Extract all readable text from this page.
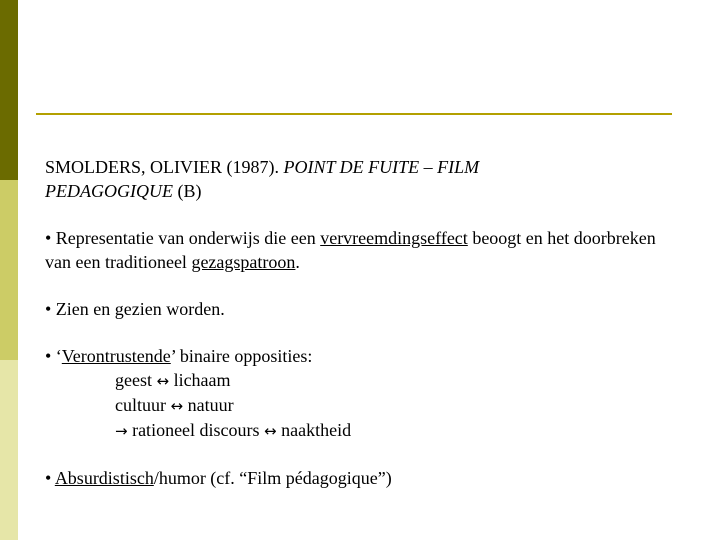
SMOLDERS, OLIVIER (1987). POINT DE FUITE – FILM
PEDAGOGIQUE (B)
• Representatie van onderwijs die een vervreemdingseffect beoogt en het doorbreken van een traditioneel gezagspatroon.
• Zien en gezien worden.
• ‘Verontrustende’ binaire opposities:
geest ↔ lichaam
cultuur ↔ natuur
→ rationeel discours ↔ naaktheid
• Absurdistisch/humor (cf. “Film pédagogique”)
